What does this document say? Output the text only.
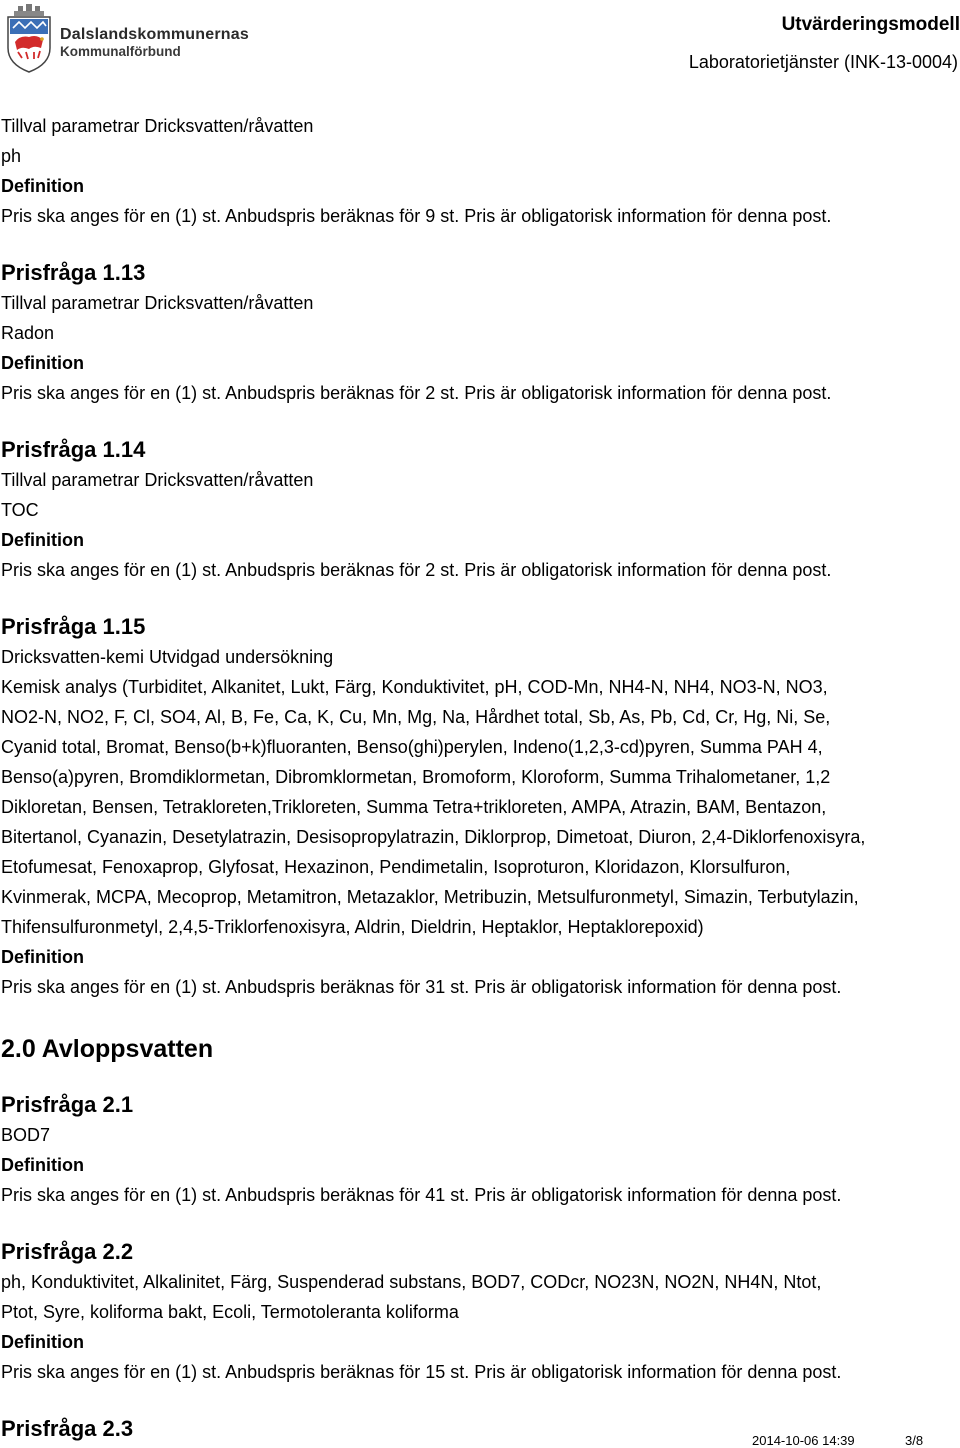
Dalslandskommunernas
Kommunalförbund
Utvärderingsmodell
Laboratorietjänster (INK-13-0004)
Tillval parametrar Dricksvatten/råvatten
ph
Definition
Pris ska anges för en (1) st. Anbudspris beräknas för 9 st. Pris är obligatorisk information för denna post.
Prisfråga 1.13
Tillval parametrar Dricksvatten/råvatten
Radon
Definition
Pris ska anges för en (1) st. Anbudspris beräknas för 2 st. Pris är obligatorisk information för denna post.
Prisfråga 1.14
Tillval parametrar Dricksvatten/råvatten
TOC
Definition
Pris ska anges för en (1) st. Anbudspris beräknas för 2 st. Pris är obligatorisk information för denna post.
Prisfråga 1.15
Dricksvatten-kemi Utvidgad undersökning
Kemisk analys (Turbiditet, Alkanitet, Lukt, Färg, Konduktivitet, pH, COD-Mn, NH4-N, NH4, NO3-N, NO3,
NO2-N, NO2, F, Cl, SO4, Al, B, Fe, Ca, K, Cu, Mn, Mg, Na, Hårdhet total, Sb, As, Pb, Cd, Cr, Hg, Ni, Se,
Cyanid total, Bromat, Benso(b+k)fluoranten, Benso(ghi)perylen, Indeno(1,2,3-cd)pyren, Summa PAH 4,
Benso(a)pyren, Bromdiklormetan, Dibromklormetan, Bromoform, Kloroform, Summa Trihalometaner, 1,2
Dikloretan, Bensen, Tetrakloreten,Trikloreten, Summa Tetra+trikloreten, AMPA, Atrazin, BAM, Bentazon,
Bitertanol, Cyanazin, Desetylatrazin, Desisopropylatrazin, Diklorprop, Dimetoat, Diuron, 2,4-Diklorfenoxisyra,
Etofumesat, Fenoxaprop, Glyfosat, Hexazinon, Pendimetalin, Isoproturon, Kloridazon, Klorsulfuron,
Kvinmerak, MCPA, Mecoprop, Metamitron, Metazaklor, Metribuzin, Metsulfuronmetyl, Simazin, Terbutylazin,
Thifensulfuronmetyl, 2,4,5-Triklorfenoxisyra, Aldrin, Dieldrin, Heptaklor, Heptaklorepoxid)
Definition
Pris ska anges för en (1) st. Anbudspris beräknas för 31 st. Pris är obligatorisk information för denna post.
2.0 Avloppsvatten
Prisfråga 2.1
BOD7
Definition
Pris ska anges för en (1) st. Anbudspris beräknas för 41 st. Pris är obligatorisk information för denna post.
Prisfråga 2.2
ph, Konduktivitet, Alkalinitet, Färg, Suspenderad substans, BOD7, CODcr, NO23N, NO2N, NH4N, Ntot,
Ptot, Syre, koliforma bakt, Ecoli, Termotoleranta koliforma
Definition
Pris ska anges för en (1) st. Anbudspris beräknas för 15 st. Pris är obligatorisk information för denna post.
Prisfråga 2.3	2014-10-06 14:39	3/8
